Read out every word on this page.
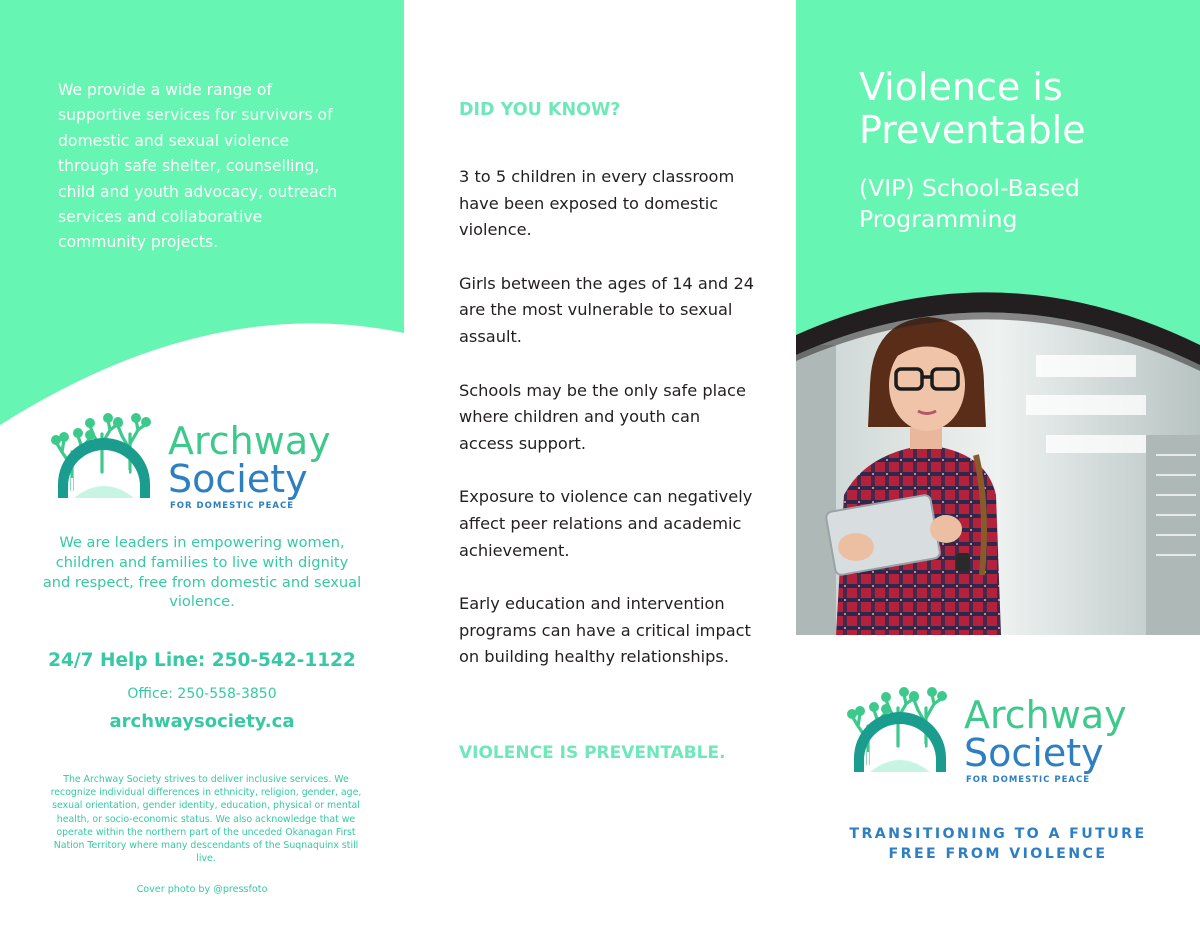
We provide a wide range of supportive services for survivors of domestic and sexual violence through safe shelter, counselling, child and youth advocacy, outreach services and collaborative community projects.

Archway
Society
FOR DOMESTIC PEACE

We are leaders in empowering women, children and families to live with dignity and respect, free from domestic and sexual violence.

24/7 Help Line: 250-542-1122
Office: 250-558-3850
archwaysociety.ca

The Archway Society strives to deliver inclusive services. We recognize individual differences in ethnicity, religion, gender, age, sexual orientation, gender identity, education, physical or mental health, or socio-economic status. We also acknowledge that we operate within the northern part of the unceded Okanagan First Nation Territory where many descendants of the Suqnaquinx still live.

Cover photo by @pressfoto
DID YOU KNOW?

3 to 5 children in every classroom have been exposed to domestic violence.

Girls between the ages of 14 and 24 are the most vulnerable to sexual assault.

Schools may be the only safe place where children and youth can access support.

Exposure to violence can negatively affect peer relations and academic achievement.

Early education and intervention programs can have a critical impact on building healthy relationships.

VIOLENCE IS PREVENTABLE.
Violence is Preventable
(VIP) School-Based Programming
Archway
Society
FOR DOMESTIC PEACE

TRANSITIONING TO A FUTURE
FREE FROM VIOLENCE
